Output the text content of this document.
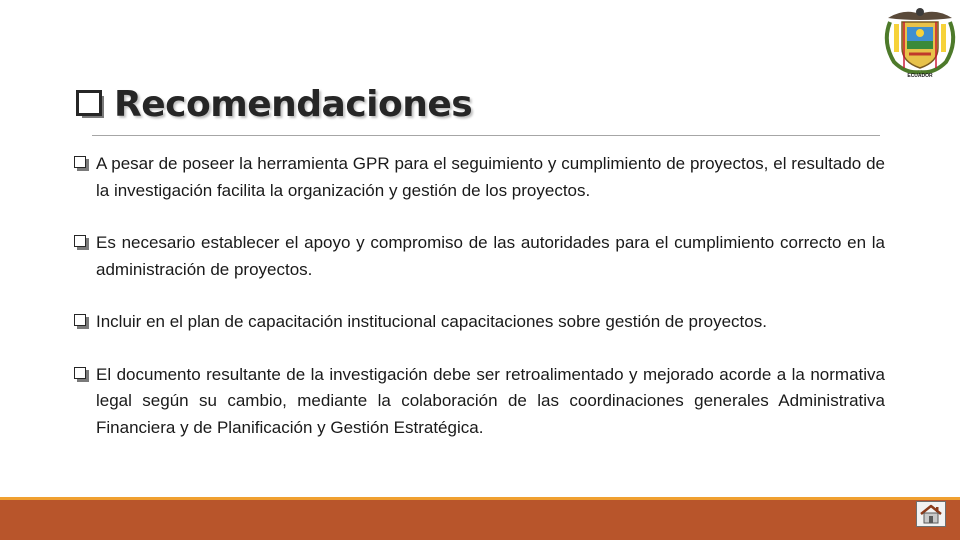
ECUADOR
Recomendaciones
A pesar de poseer la herramienta GPR para el seguimiento y cumplimiento de proyectos, el resultado de la investigación facilita la organización y gestión de los proyectos.
Es necesario establecer el apoyo y compromiso de las autoridades para el cumplimiento correcto en la administración de proyectos.
Incluir en el plan de capacitación institucional capacitaciones sobre gestión de proyectos.
El documento resultante de la investigación debe ser retroalimentado y mejorado acorde a la normativa legal según su cambio, mediante la colaboración de las coordinaciones generales Administrativa Financiera y de Planificación y Gestión Estratégica.
